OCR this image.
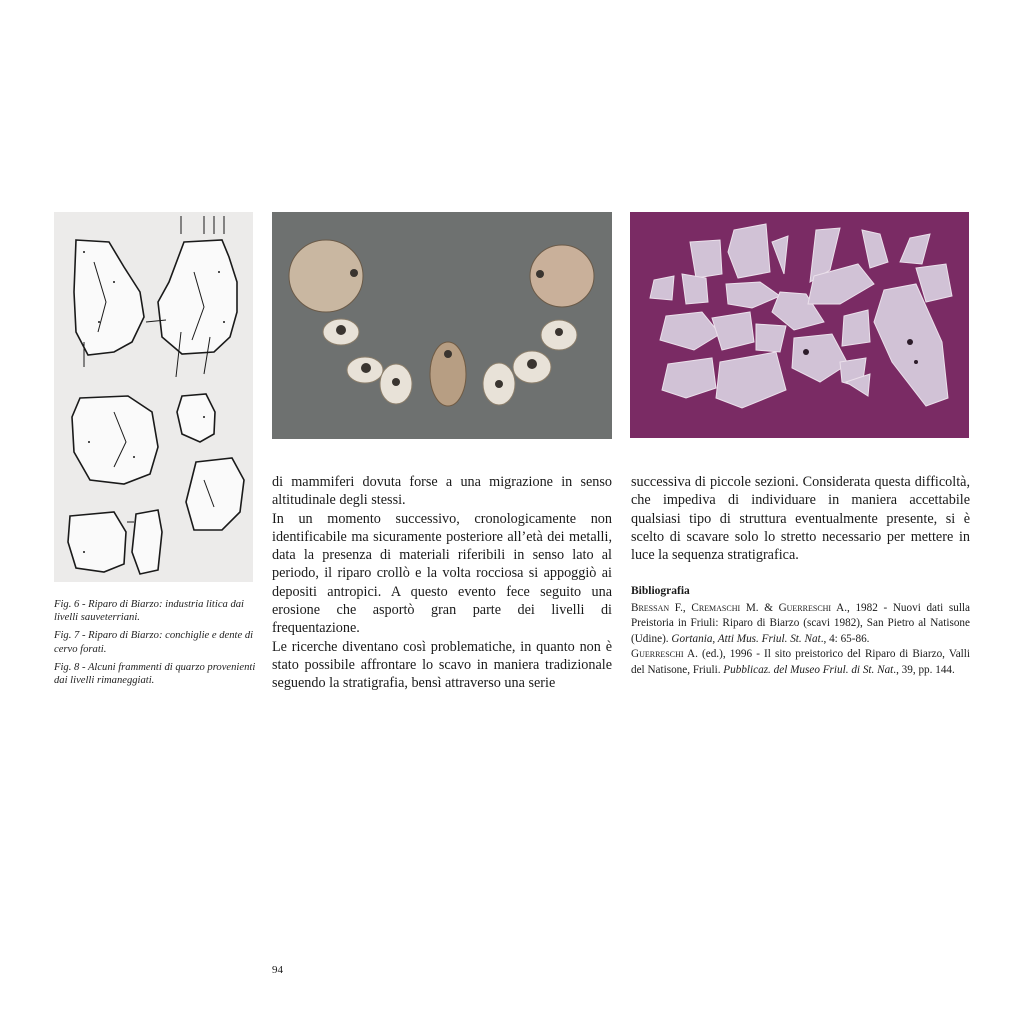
Fig. 6 - Riparo di Biarzo: industria litica dai livelli sauveterriani.

Fig. 7 - Riparo di Biarzo: conchiglie e dente di cervo forati.

Fig. 8 - Alcuni frammenti di quarzo provenienti dai livelli rimaneggiati.

di mammiferi dovuta forse a una migrazione in senso altitudinale degli stessi.

In un momento successivo, cronologicamente non identificabile ma sicuramente posteriore all’età dei metalli, data la presenza di materiali riferibili in senso lato al periodo, il riparo crollò e la volta rocciosa si appoggiò ai depositi antropici. A questo evento fece seguito una erosione che asportò gran parte dei livelli di frequentazione.

Le ricerche diventano così problematiche, in quanto non è stato possibile affrontare lo scavo in maniera tradizionale seguendo la stratigrafia, bensì attraverso una serie

successiva di piccole sezioni. Considerata questa difficoltà, che impediva di individuare in maniera accettabile qualsiasi tipo di struttura eventualmente presente, si è scelto di scavare solo lo stretto necessario per mettere in luce la sequenza stratigrafica.

Bibliografia

Bressan F., Cremaschi M. & Guerreschi A., 1982 - Nuovi dati sulla Preistoria in Friuli: Riparo di Biarzo (scavi 1982), San Pietro al Natisone (Udine). Gortania, Atti Mus. Friul. St. Nat., 4: 65-86.

Guerreschi A. (ed.), 1996 - Il sito preistorico del Riparo di Biarzo, Valli del Natisone, Friuli. Pubblicaz. del Museo Friul. di St. Nat., 39, pp. 144.

94
